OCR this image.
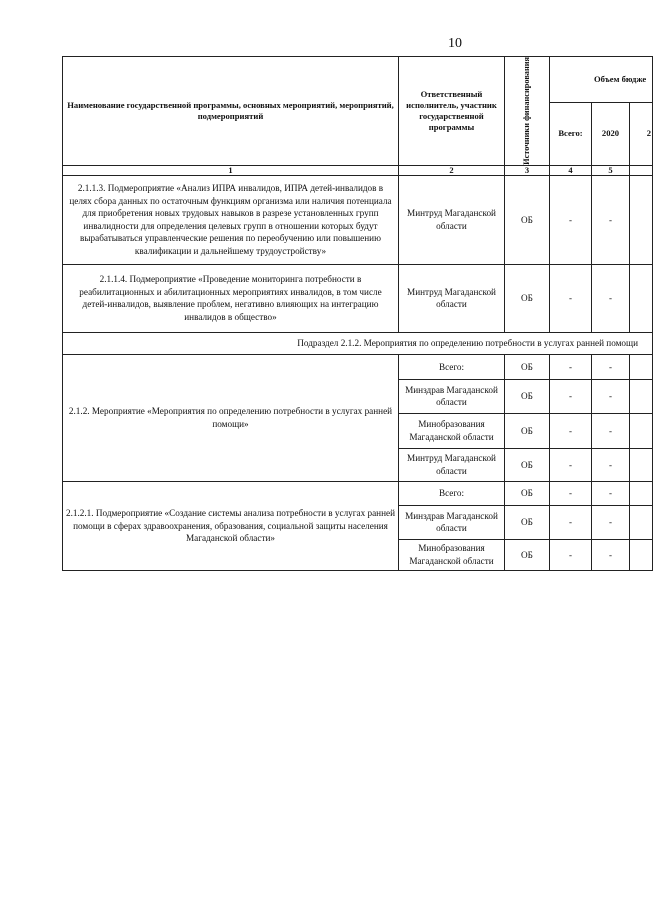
10
Наименование государственной программы, основных мероприятий, мероприятий, подмероприятий	Ответственный исполнитель, участник государственной программы	Источники финансирования	Объем бюдже		
			Всего:	2020	2
1	2	3	4	5	
2.1.1.3. Подмероприятие «Анализ ИПРА инвалидов, ИПРА детей-инвалидов в целях сбора данных по остаточным функциям организма или наличия потенциала для приобретения новых трудовых навыков в разрезе установленных групп инвалидности для определения целевых групп в отношении которых будут вырабатываться управленческие решения по переобучению или повышению квалификации и дальнейшему трудоустройству»	Минтруд Магаданской области	ОБ	-	-	
2.1.1.4. Подмероприятие «Проведение мониторинга потребности в реабилитационных и абилитационных мероприятиях инвалидов, в том числе детей-инвалидов, выявление проблем, негативно влияющих на интеграцию инвалидов в общество»	Минтруд Магаданской области	ОБ	-	-	
Подраздел 2.1.2. Мероприятия по определению потребности в услугах ранней помощи					
2.1.2. Мероприятие «Мероприятия по определению потребности в услугах ранней помощи»	Всего:	ОБ	-	-	
	Минздрав Магаданской области	ОБ	-	-	
	Минобразования Магаданской области	ОБ	-	-	
	Минтруд Магаданской области	ОБ	-	-	
2.1.2.1. Подмероприятие «Создание системы анализа потребности в услугах ранней помощи в сферах здравоохранения, образования, социальной защиты населения Магаданской области»	Всего:	ОБ	-	-	
	Минздрав Магаданской области	ОБ	-	-	
	Минобразования Магаданской области	ОБ	-	-	
